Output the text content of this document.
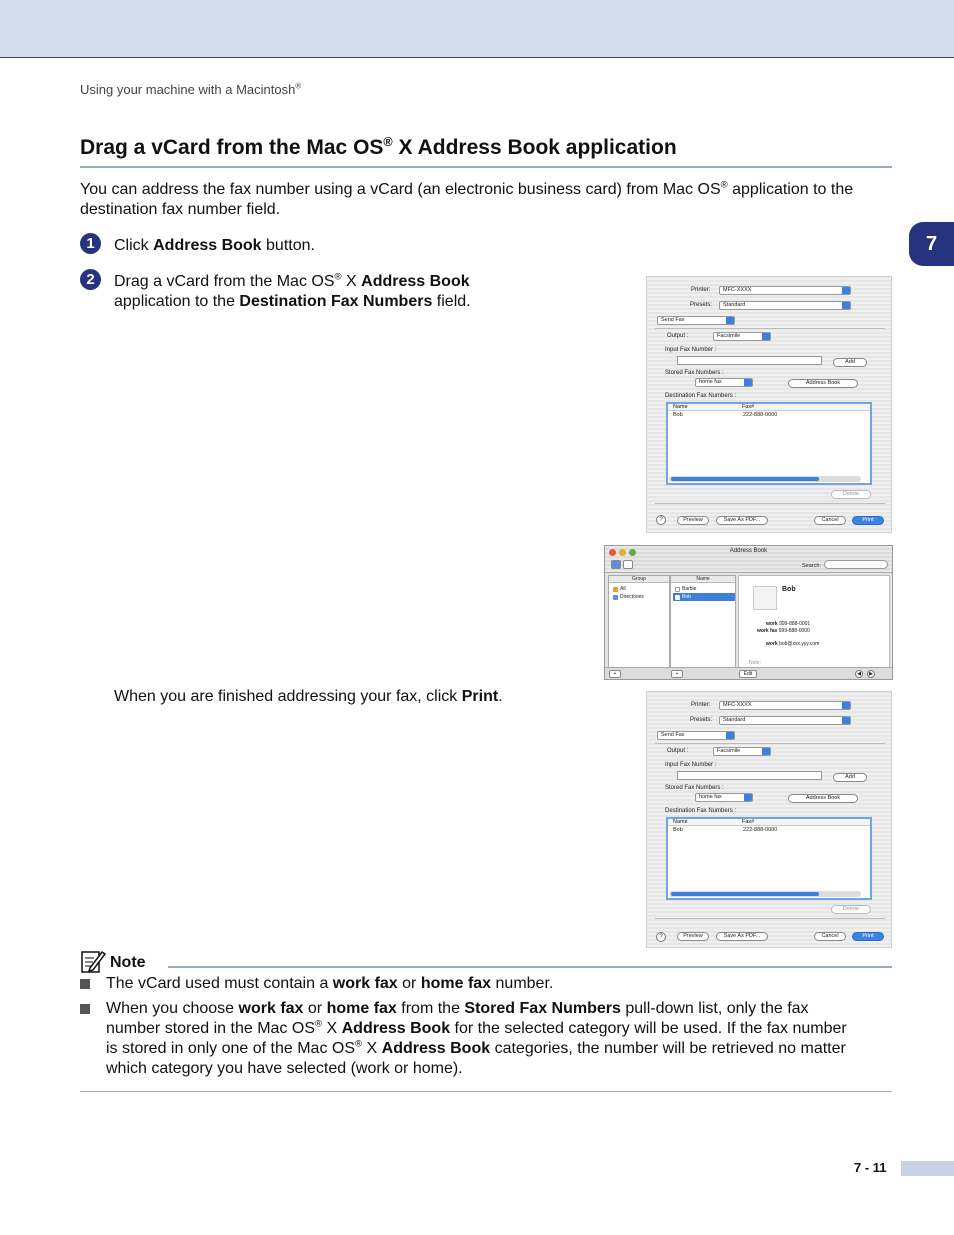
Using your machine with a Macintosh®
7
Drag a vCard from the Mac OS® X Address Book application
You can address the fax number using a vCard (an electronic business card) from Mac OS® application to the destination fax number field.
1 Click Address Book button.
2 Drag a vCard from the Mac OS® X Address Book
application to the Destination Fax Numbers field.
Printer:	MFC-XXXX
Presets:	Standard
Send Fax
Output :	Facsimile
Input Fax Number :
Add
Stored Fax Numbers :
home fax	Address Book
Destination Fax Numbers :
Name	Fax#
Bob	222-888-0000
Delete
?	Preview	Save As PDF...	Cancel	Print
Address Book
Search:
Group
All
Directories
Name
Barbie
Bob
Bob
work 999-888-0001
work fax 999-888-0000
work bob@xxx.yyy.com
Note:
+	+	Edit	◀	▶
When you are finished addressing your fax, click Print.	Printer:	MFC-XXXX
Presets:	Standard
Send Fax
Output :	Facsimile
Input Fax Number :
Add
Stored Fax Numbers :
home fax	Address Book
Destination Fax Numbers :
Name	Fax#
Bob	222-888-0000
Delete
?	Preview	Save As PDF...	Cancel	Print
Note
The vCard used must contain a work fax or home fax number.
When you choose work fax or home fax from the Stored Fax Numbers pull-down list, only the fax
number stored in the Mac OS® X Address Book for the selected category will be used. If the fax number
is stored in only one of the Mac OS® X Address Book categories, the number will be retrieved no matter
which category you have selected (work or home).
7 - 11
